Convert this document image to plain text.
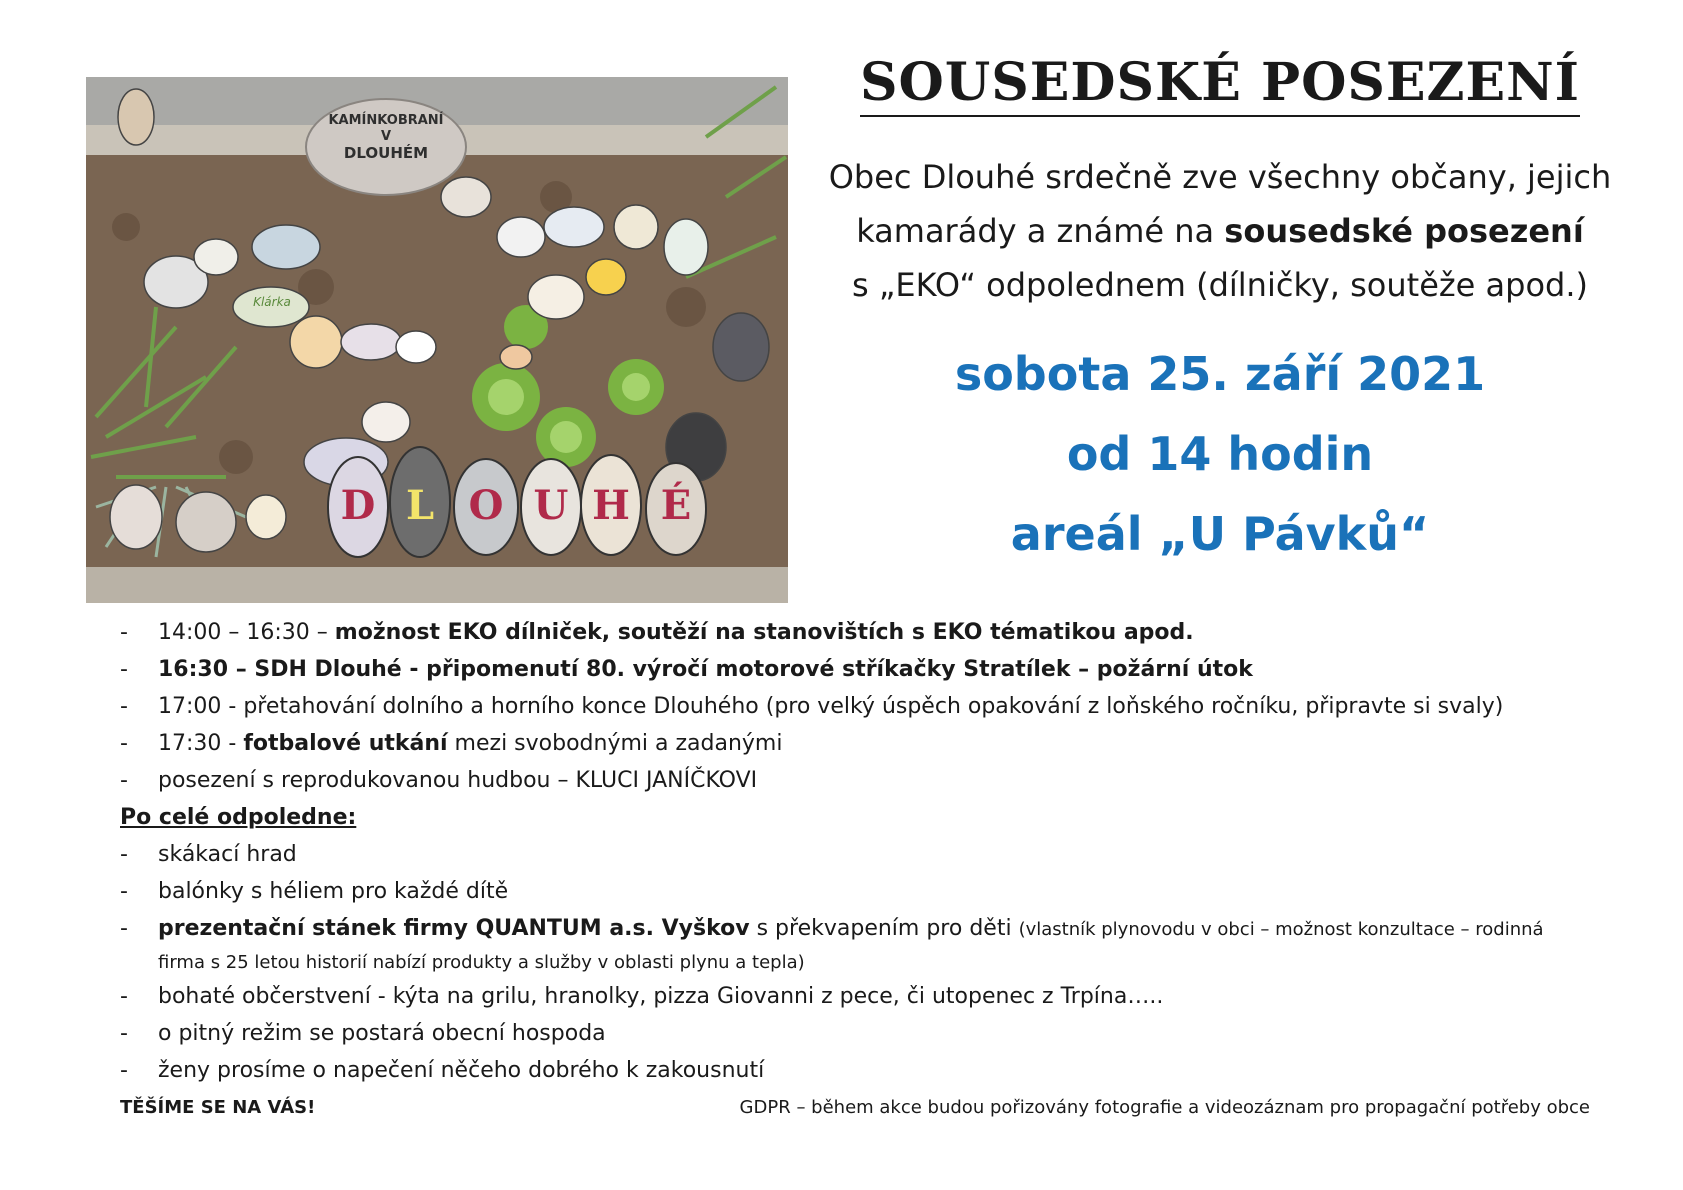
KAMÍNKOBRANÍ
V
DLOUHÉM
Klárka
D L O U H É
SOUSEDSKÉ POSEZENÍ
Obec Dlouhé srdečně zve všechny občany, jejich
kamarády a známé na sousedské posezení
s „EKO“ odpolednem (dílničky, soutěže apod.)
sobota 25. září 2021
od 14 hodin
areál „U Pávků“
- 14:00 – 16:30 – možnost EKO dílniček, soutěží na stanovištích s EKO tématikou apod.
- 16:30 – SDH Dlouhé - připomenutí 80. výročí motorové stříkačky Stratílek – požární útok
- 17:00 - přetahování dolního a horního konce Dlouhého (pro velký úspěch opakování z loňského ročníku, připravte si svaly)
- 17:30 - fotbalové utkání mezi svobodnými a zadanými
- posezení s reprodukovanou hudbou – KLUCI JANÍČKOVI
Po celé odpoledne:
- skákací hrad
- balónky s héliem pro každé dítě
- prezentační stánek firmy QUANTUM a.s. Vyškov s překvapením pro děti (vlastník plynovodu v obci – možnost konzultace – rodinná
firma s 25 letou historií nabízí produkty a služby v oblasti plynu a tepla)
- bohaté občerstvení - kýta na grilu, hranolky, pizza Giovanni z pece, či utopenec z Trpína…..
- o pitný režim se postará obecní hospoda
- ženy prosíme o napečení něčeho dobrého k zakousnutí
TĚŠÍME SE NA VÁS!	GDPR – během akce budou pořizovány fotografie a videozáznam pro propagační potřeby obce
